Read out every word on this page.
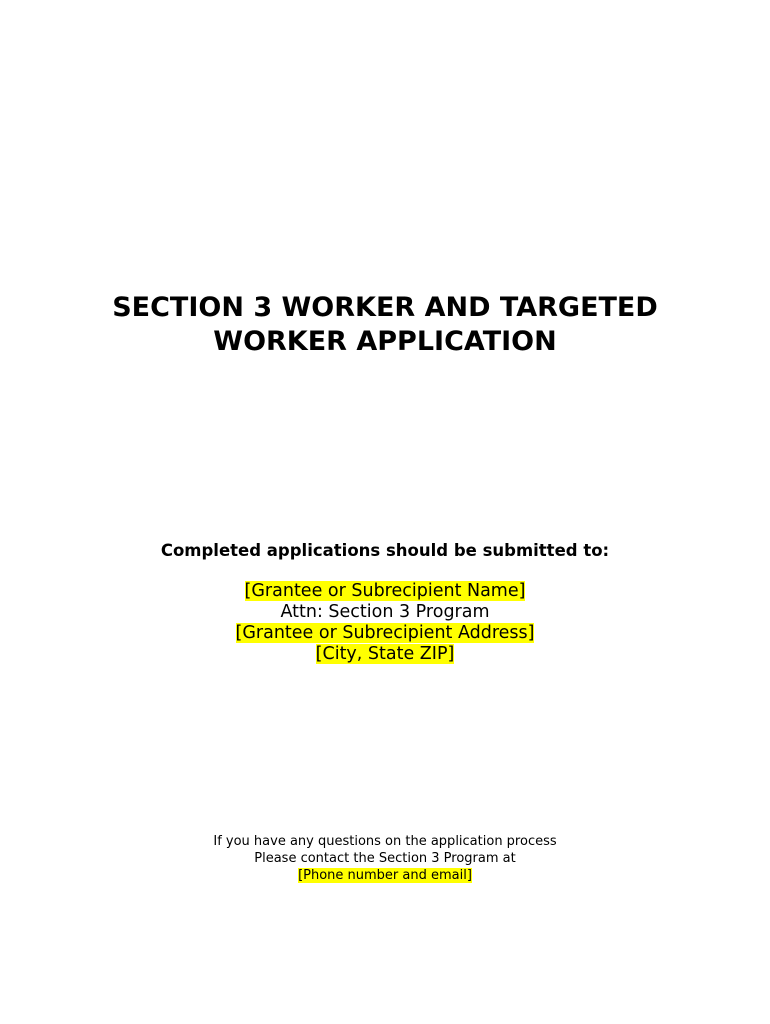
SECTION 3 WORKER AND TARGETED
WORKER APPLICATION

Completed applications should be submitted to:

[Grantee or Subrecipient Name]
Attn: Section 3 Program
[Grantee or Subrecipient Address]
[City, State ZIP]
If you have any questions on the application process
Please contact the Section 3 Program at
[Phone number and email]
